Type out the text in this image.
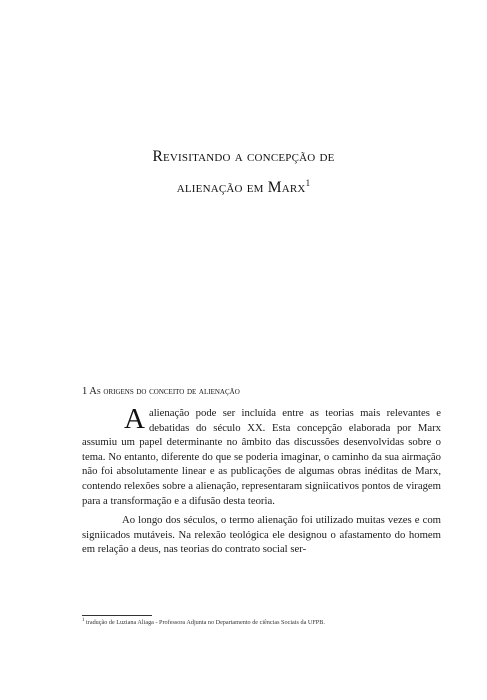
Revisitando a concepção de
alienação em Marx$^1$
1 As origens do conceito de alienação

Aalienação pode ser incluída entre as teorias mais relevantes e debatidas do século XX. Esta concepção elaborada por Marx assumiu um papel determinante no âmbito das discussões desenvolvidas sobre o tema. No entanto, diferente do que se poderia imaginar, o caminho da sua airmação não foi absolutamente linear e as publicações de algumas obras inéditas de Marx, contendo relexões sobre a alienação, representaram signiicativos pontos de viragem para a transformação e a difusão desta teoria.

Ao longo dos séculos, o termo alienação foi utilizado muitas vezes e com signiicados mutáveis. Na relexão teológica ele designou o afastamento do homem em relação a deus, nas teorias do contrato social ser-

$^1$ tradução de Luziana Aliaga - Professora Adjunta no Departamento de ciências Sociais da UFPB.
